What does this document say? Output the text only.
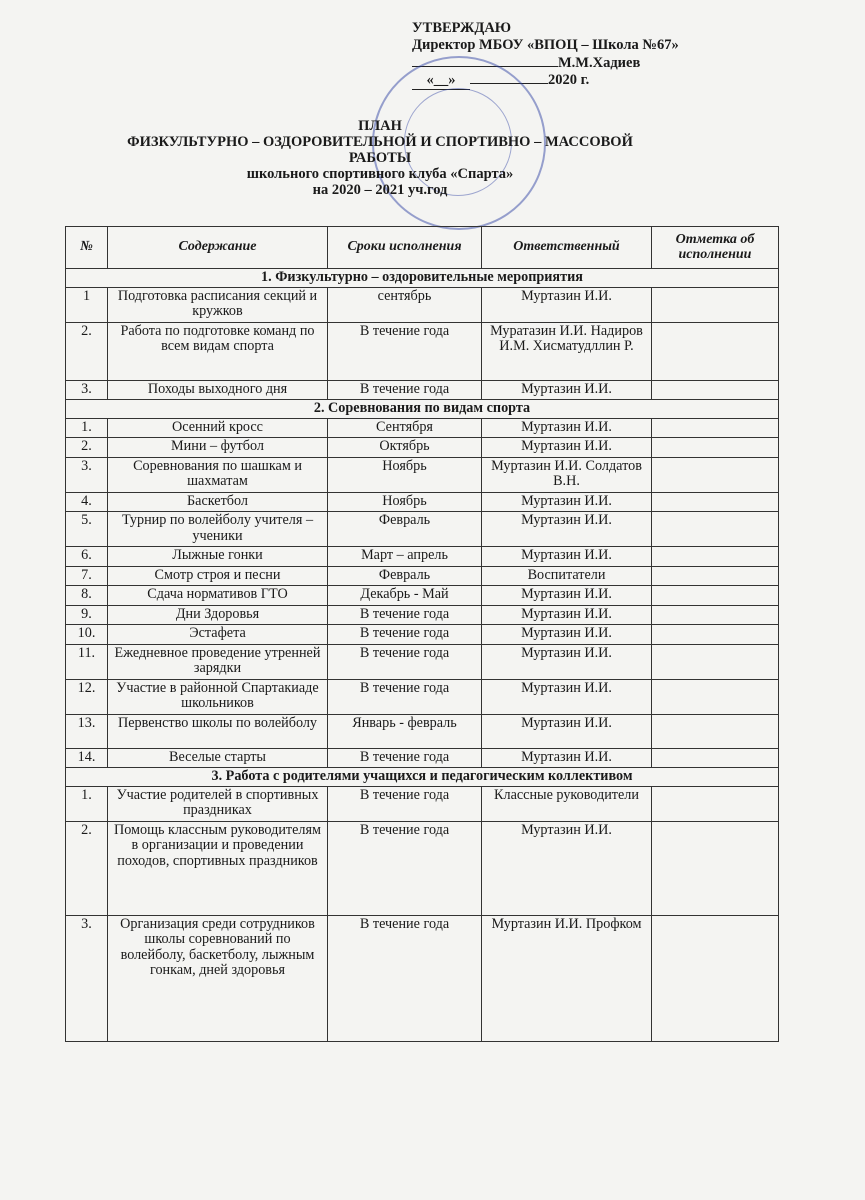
УТВЕРЖДАЮ
Директор МБОУ «ВПОЦ – Школа №67»
М.М.Хадиев
«__»	2020 г.
ПЛАН
ФИЗКУЛЬТУРНО – ОЗДОРОВИТЕЛЬНОЙ И СПОРТИВНО – МАССОВОЙ
РАБОТЫ
школьного спортивного клуба «Спарта»
на 2020 – 2021 уч.год
№	Содержание	Сроки исполнения	Ответственный	Отметка об исполнении
1. Физкультурно – оздоровительные мероприятия				
1	Подготовка расписания секций и кружков	сентябрь	Муртазин И.И.	
2.	Работа по подготовке команд по всем видам спорта	В течение года	Муратазин И.И. Надиров И.М. Хисматудллин Р.	
3.	Походы выходного дня	В течение года	Муртазин И.И.	
2. Соревнования по видам спорта				
1.	Осенний кросс	Сентября	Муртазин И.И.	
2.	Мини – футбол	Октябрь	Муртазин И.И.	
3.	Соревнования по шашкам и шахматам	Ноябрь	Муртазин И.И. Солдатов В.Н.	
4.	Баскетбол	Ноябрь	Муртазин И.И.	
5.	Турнир по волейболу учителя – ученики	Февраль	Муртазин И.И.	
6.	Лыжные гонки	Март – апрель	Муртазин И.И.	
7.	Смотр строя и песни	Февраль	Воспитатели	
8.	Сдача нормативов ГТО	Декабрь - Май	Муртазин И.И.	
9.	Дни Здоровья	В течение года	Муртазин И.И.	
10.	Эстафета	В течение года	Муртазин И.И.	
11.	Ежедневное проведение утренней зарядки	В течение года	Муртазин И.И.	
12.	Участие в районной Спартакиаде школьников	В течение года	Муртазин И.И.	
13.	Первенство школы по волейболу	Январь - февраль	Муртазин И.И.	
14.	Веселые старты	В течение года	Муртазин И.И.	
3. Работа с родителями учащихся и педагогическим коллективом				
1.	Участие родителей в спортивных праздниках	В течение года	Классные руководители	
2.	Помощь классным руководителям в организации и проведении походов, спортивных праздников	В течение года	Муртазин И.И.	
3.	Организация среди сотрудников школы соревнований по волейболу, баскетболу, лыжным гонкам, дней здоровья	В течение года	Муртазин И.И. Профком	
